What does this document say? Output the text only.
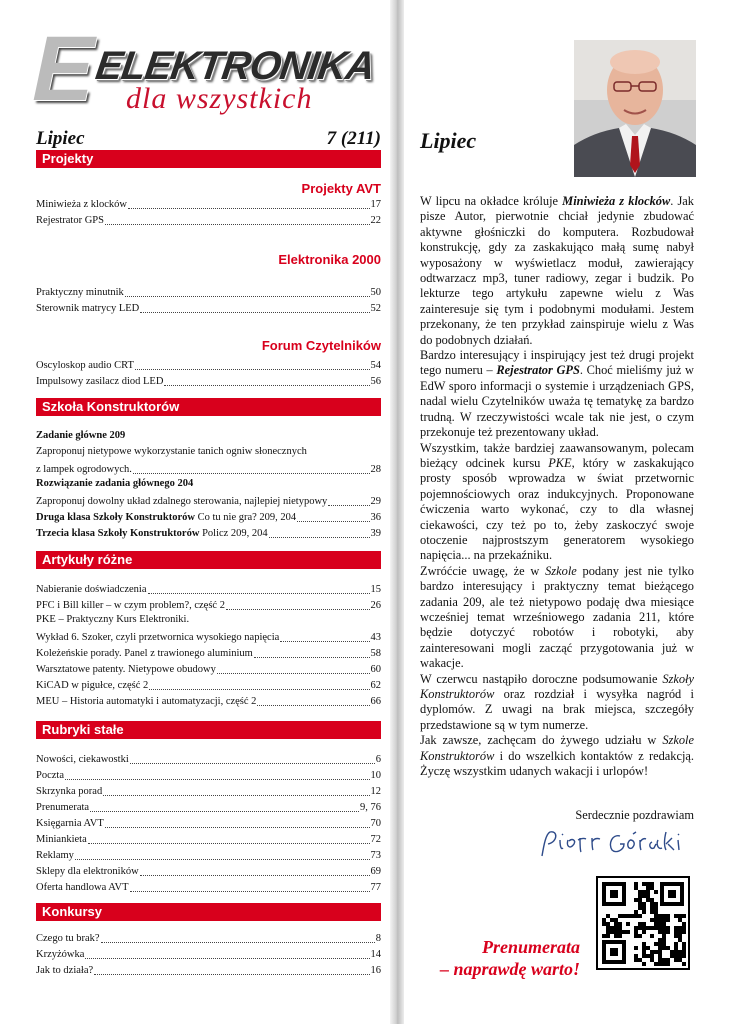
E
ELEKTRONIKA
dla wszystkich
Lipiec	7 (211)
Projekty
Projekty AVT
Miniwieża z klocków	17
Rejestrator GPS	22
Elektronika 2000
Praktyczny minutnik	50
Sterownik matrycy LED	52
Forum Czytelników
Oscyloskop audio CRT	54
Impulsowy zasilacz diod LED	56
Szkoła Konstruktorów
Zadanie główne 209
Zaproponuj nietypowe wykorzystanie tanich ogniw słonecznych
z lampek ogrodowych.	28
Rozwiązanie zadania głównego 204
Zaproponuj dowolny układ zdalnego sterowania, najlepiej nietypowy	29
Druga klasa Szkoły Konstruktorów Co tu nie gra? 209, 204	36
Trzecia klasa Szkoły Konstruktorów Policz 209, 204	39
Artykuły różne
Nabieranie doświadczenia	15
PFC i Bill killer – w czym problem?, część 2	26
PKE – Praktyczny Kurs Elektroniki.
Wykład 6. Szoker, czyli przetwornica wysokiego napięcia	43
Koleżeńskie porady. Panel z trawionego aluminium	58
Warsztatowe patenty. Nietypowe obudowy	60
KiCAD w pigułce, część 2	62
MEU – Historia automatyki i automatyzacji, część 2	66
Rubryki stałe
Nowości, ciekawostki	6
Poczta	10
Skrzynka porad	12
Prenumerata	9, 76
Księgarnia AVT	70
Miniankieta	72
Reklamy	73
Sklepy dla elektroników	69
Oferta handlowa AVT	77
Konkursy
Czego tu brak?	8
Krzyżówka	14
Jak to działa?	16
Lipiec

W lipcu na okładce króluje Miniwieża z klocków. Jak pisze Autor, pierwotnie chciał jedynie zbudować aktywne głośniczki do komputera. Rozbudował konstrukcję, gdy za zaskakująco małą sumę nabył wyposażony w wyświetlacz moduł, zawierający odtwarzacz mp3, tuner radiowy, zegar i budzik. Po lekturze tego artykułu zapewne wielu z Was zainteresuje się tym i podobnymi modułami. Jestem przekonany, że ten przykład zainspiruje wielu z Was do podobnych działań.

Bardzo interesujący i inspirujący jest też drugi projekt tego numeru – Rejestrator GPS. Choć mieliśmy już w EdW sporo informacji o systemie i urządzeniach GPS, nadal wielu Czytelników uważa tę tematykę za bardzo trudną. W rzeczywistości wcale tak nie jest, o czym przekonuje też prezentowany układ.

Wszystkim, także bardziej zaawansowanym, polecam bieżący odcinek kursu PKE, który w zaskakująco prosty sposób wprowadza w świat przetwornic pojemnościowych oraz indukcyjnych. Proponowane ćwiczenia warto wykonać, czy to dla własnej ciekawości, czy też po to, żeby zaskoczyć swoje otoczenie najprostszym generatorem wysokiego napięcia... na przekaźniku.

Zwróćcie uwagę, że w Szkole podany jest nie tylko bardzo interesujący i praktyczny temat bieżącego zadania 209, ale też nietypowo podaję dwa miesiące wcześniej temat wrześniowego zadania 211, które będzie dotyczyć robotów i robotyki, aby zainteresowani mogli zacząć przygotowania już w wakacje.

W czerwcu nastąpiło doroczne podsumowanie Szkoły Konstruktorów oraz rozdział i wysyłka nagród i dyplomów. Z uwagi na brak miejsca, szczegóły przedstawione są w tym numerze.

Jak zawsze, zachęcam do żywego udziału w Szkole Konstruktorów i do wszelkich kontaktów z redakcją. Życzę wszystkim udanych wakacji i urlopów!

Serdecznie pozdrawiam
Prenumerata
– naprawdę warto!
